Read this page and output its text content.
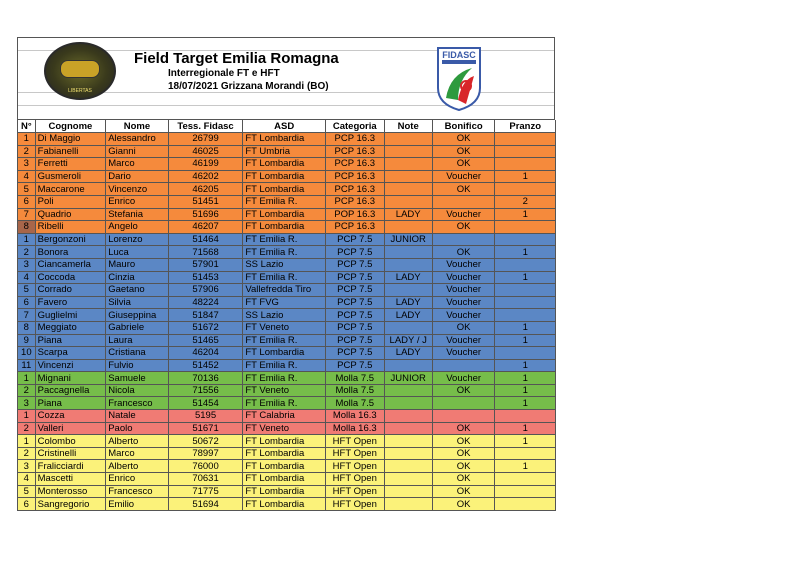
LIBERTAS
Field Target Emilia Romagna
Interregionale FT e HFT
18/07/2021 Grizzana Morandi (BO)
FIDASC
N°	Cognome	Nome	Tess. Fidasc	ASD	Categoria	Note	Bonifico	Pranzo
1	Di Maggio	Alessandro	26799	FT Lombardia	PCP 16.3		OK	
2	Fabianelli	Gianni	46025	FT Umbria	PCP 16.3		OK	
3	Ferretti	Marco	46199	FT Lombardia	PCP 16.3		OK	
4	Gusmeroli	Dario	46202	FT Lombardia	PCP 16.3		Voucher	1
5	Maccarone	Vincenzo	46205	FT Lombardia	PCP 16.3		OK	
6	Poli	Enrico	51451	FT Emilia R.	PCP 16.3			2
7	Quadrio	Stefania	51696	FT Lombardia	POP 16.3	LADY	Voucher	1
8	Ribelli	Angelo	46207	FT Lombardia	PCP 16.3		OK	
1	Bergonzoni	Lorenzo	51464	FT Emilia R.	PCP 7.5	JUNIOR		
2	Bonora	Luca	71568	FT Emilia R.	PCP 7.5		OK	1
3	Ciancamerla	Mauro	57901	SS Lazio	PCP 7.5		Voucher	
4	Coccoda	Cinzia	51453	FT Emilia R.	PCP 7.5	LADY	Voucher	1
5	Corrado	Gaetano	57906	Vallefredda Tiro	PCP 7.5		Voucher	
6	Favero	Silvia	48224	FT FVG	PCP 7.5	LADY	Voucher	
7	Guglielmi	Giuseppina	51847	SS Lazio	PCP 7.5	LADY	Voucher	
8	Meggiato	Gabriele	51672	FT Veneto	PCP 7.5		OK	1
9	Piana	Laura	51465	FT Emilia R.	PCP 7.5	LADY / J	Voucher	1
10	Scarpa	Cristiana	46204	FT Lombardia	PCP 7.5	LADY	Voucher	
11	Vincenzi	Fulvio	51452	FT Emilia R.	PCP 7.5			1
1	Mignani	Samuele	70136	FT Emilia R.	Molla 7.5	JUNIOR	Voucher	1
2	Paccagnella	Nicola	71556	FT Veneto	Molla 7.5		OK	1
3	Piana	Francesco	51454	FT Emilia R.	Molla 7.5			1
1	Cozza	Natale	5195	FT Calabria	Molla 16.3			
2	Valleri	Paolo	51671	FT Veneto	Molla 16.3		OK	1
1	Colombo	Alberto	50672	FT Lombardia	HFT Open		OK	1
2	Cristinelli	Marco	78997	FT Lombardia	HFT Open		OK	
3	Fralicciardi	Alberto	76000	FT Lombardia	HFT Open		OK	1
4	Mascetti	Enrico	70631	FT Lombardia	HFT Open		OK	
5	Monterosso	Francesco	71775	FT Lombardia	HFT Open		OK	
6	Sangregorio	Emilio	51694	FT Lombardia	HFT Open		OK	
